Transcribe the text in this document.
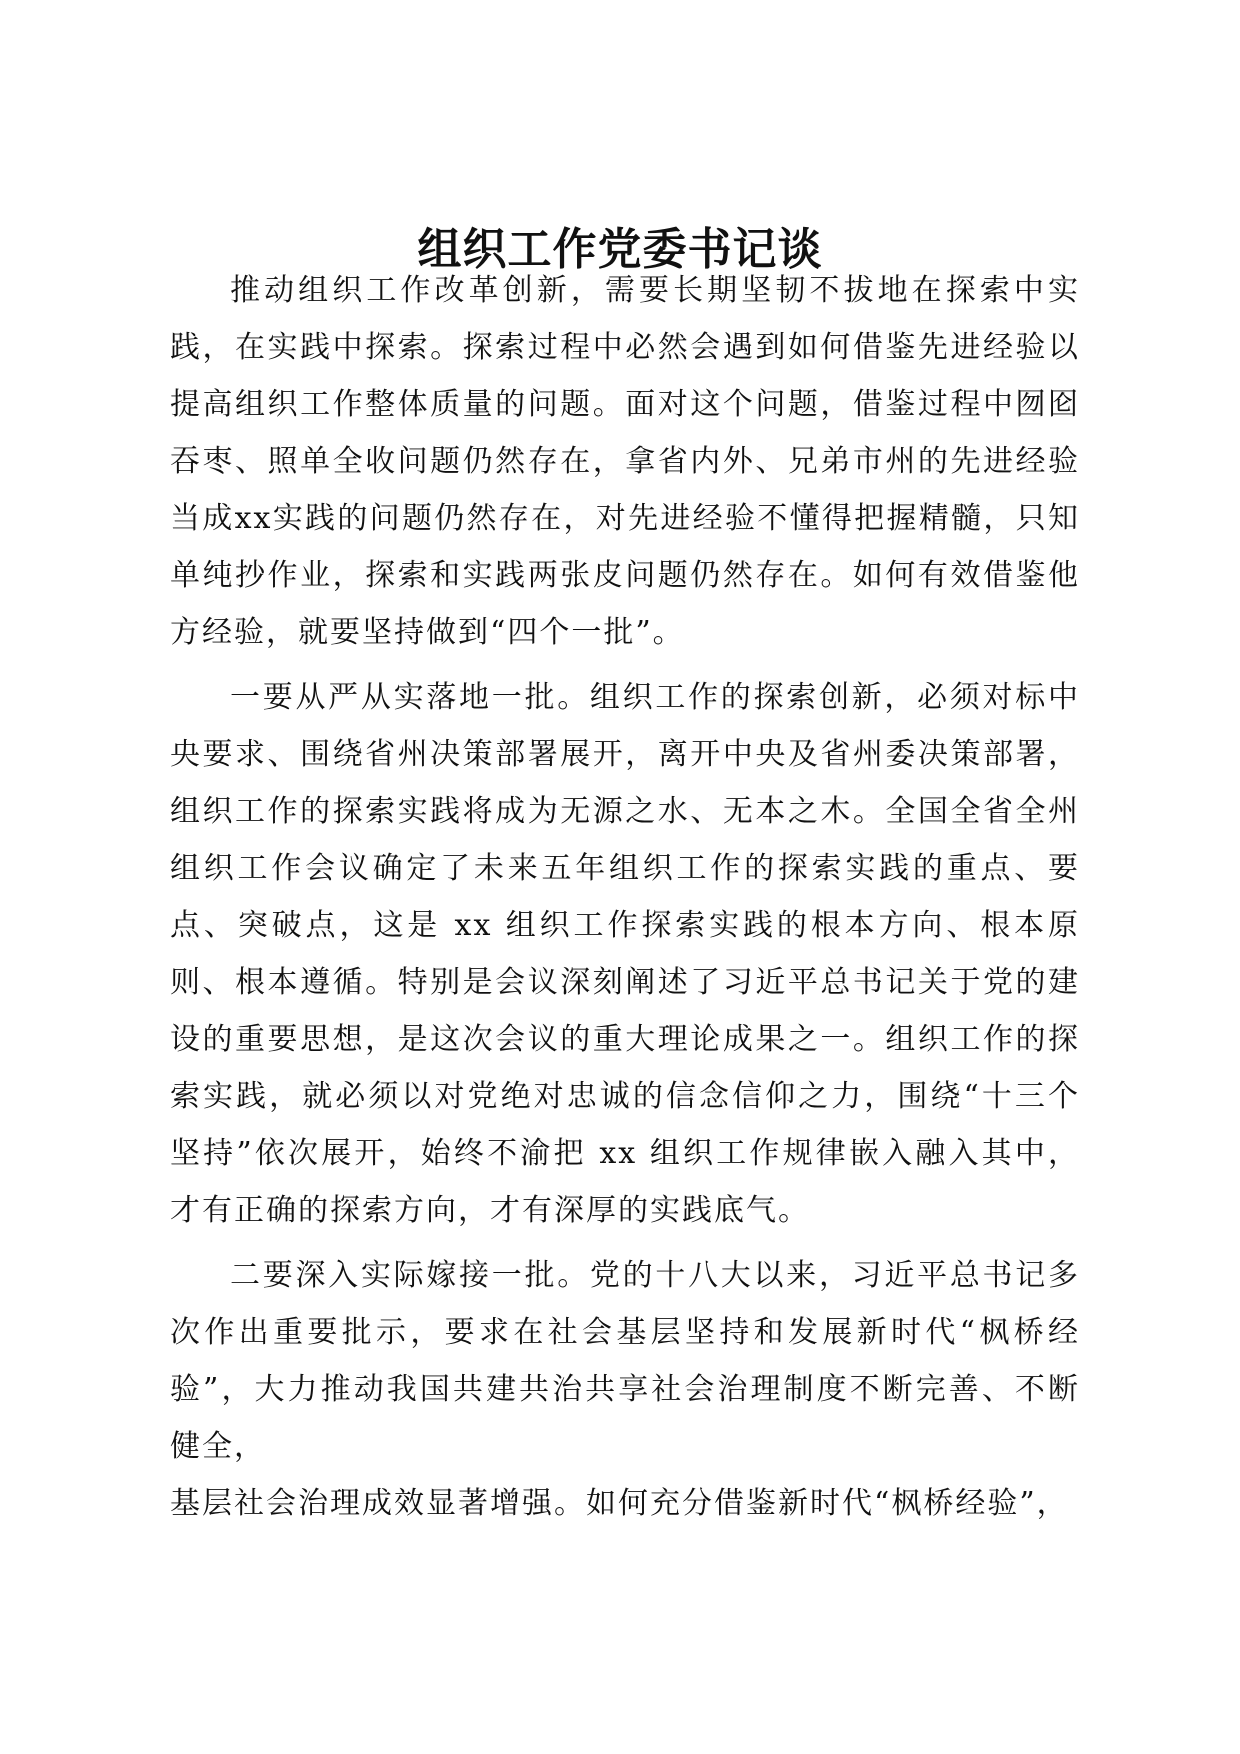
组织工作党委书记谈

推动组织工作改革创新，需要长期坚韧不拔地在探索中实践，在实践中探索。探索过程中必然会遇到如何借鉴先进经验以提高组织工作整体质量的问题。面对这个问题，借鉴过程中囫囵吞枣、照单全收问题仍然存在，拿省内外、兄弟市州的先进经验当成xx实践的问题仍然存在，对先进经验不懂得把握精髓，只知单纯抄作业，探索和实践两张皮问题仍然存在。如何有效借鉴他方经验，就要坚持做到“四个一批”。

一要从严从实落地一批。组织工作的探索创新，必须对标中央要求、围绕省州决策部署展开，离开中央及省州委决策部署，组织工作的探索实践将成为无源之水、无本之木。全国全省全州组织工作会议确定了未来五年组织工作的探索实践的重点、要点、突破点，这是 xx 组织工作探索实践的根本方向、根本原则、根本遵循。特别是会议深刻阐述了习近平总书记关于党的建设的重要思想，是这次会议的重大理论成果之一。组织工作的探索实践，就必须以对党绝对忠诚的信念信仰之力，围绕“十三个坚持”依次展开，始终不渝把 xx 组织工作规律嵌入融入其中，才有正确的探索方向，才有深厚的实践底气。

二要深入实际嫁接一批。党的十八大以来，习近平总书记多次作出重要批示，要求在社会基层坚持和发展新时代“枫桥经验”，大力推动我国共建共治共享社会治理制度不断完善、不断健全，

基层社会治理成效显著增强。如何充分借鉴新时代“枫桥经验”，
